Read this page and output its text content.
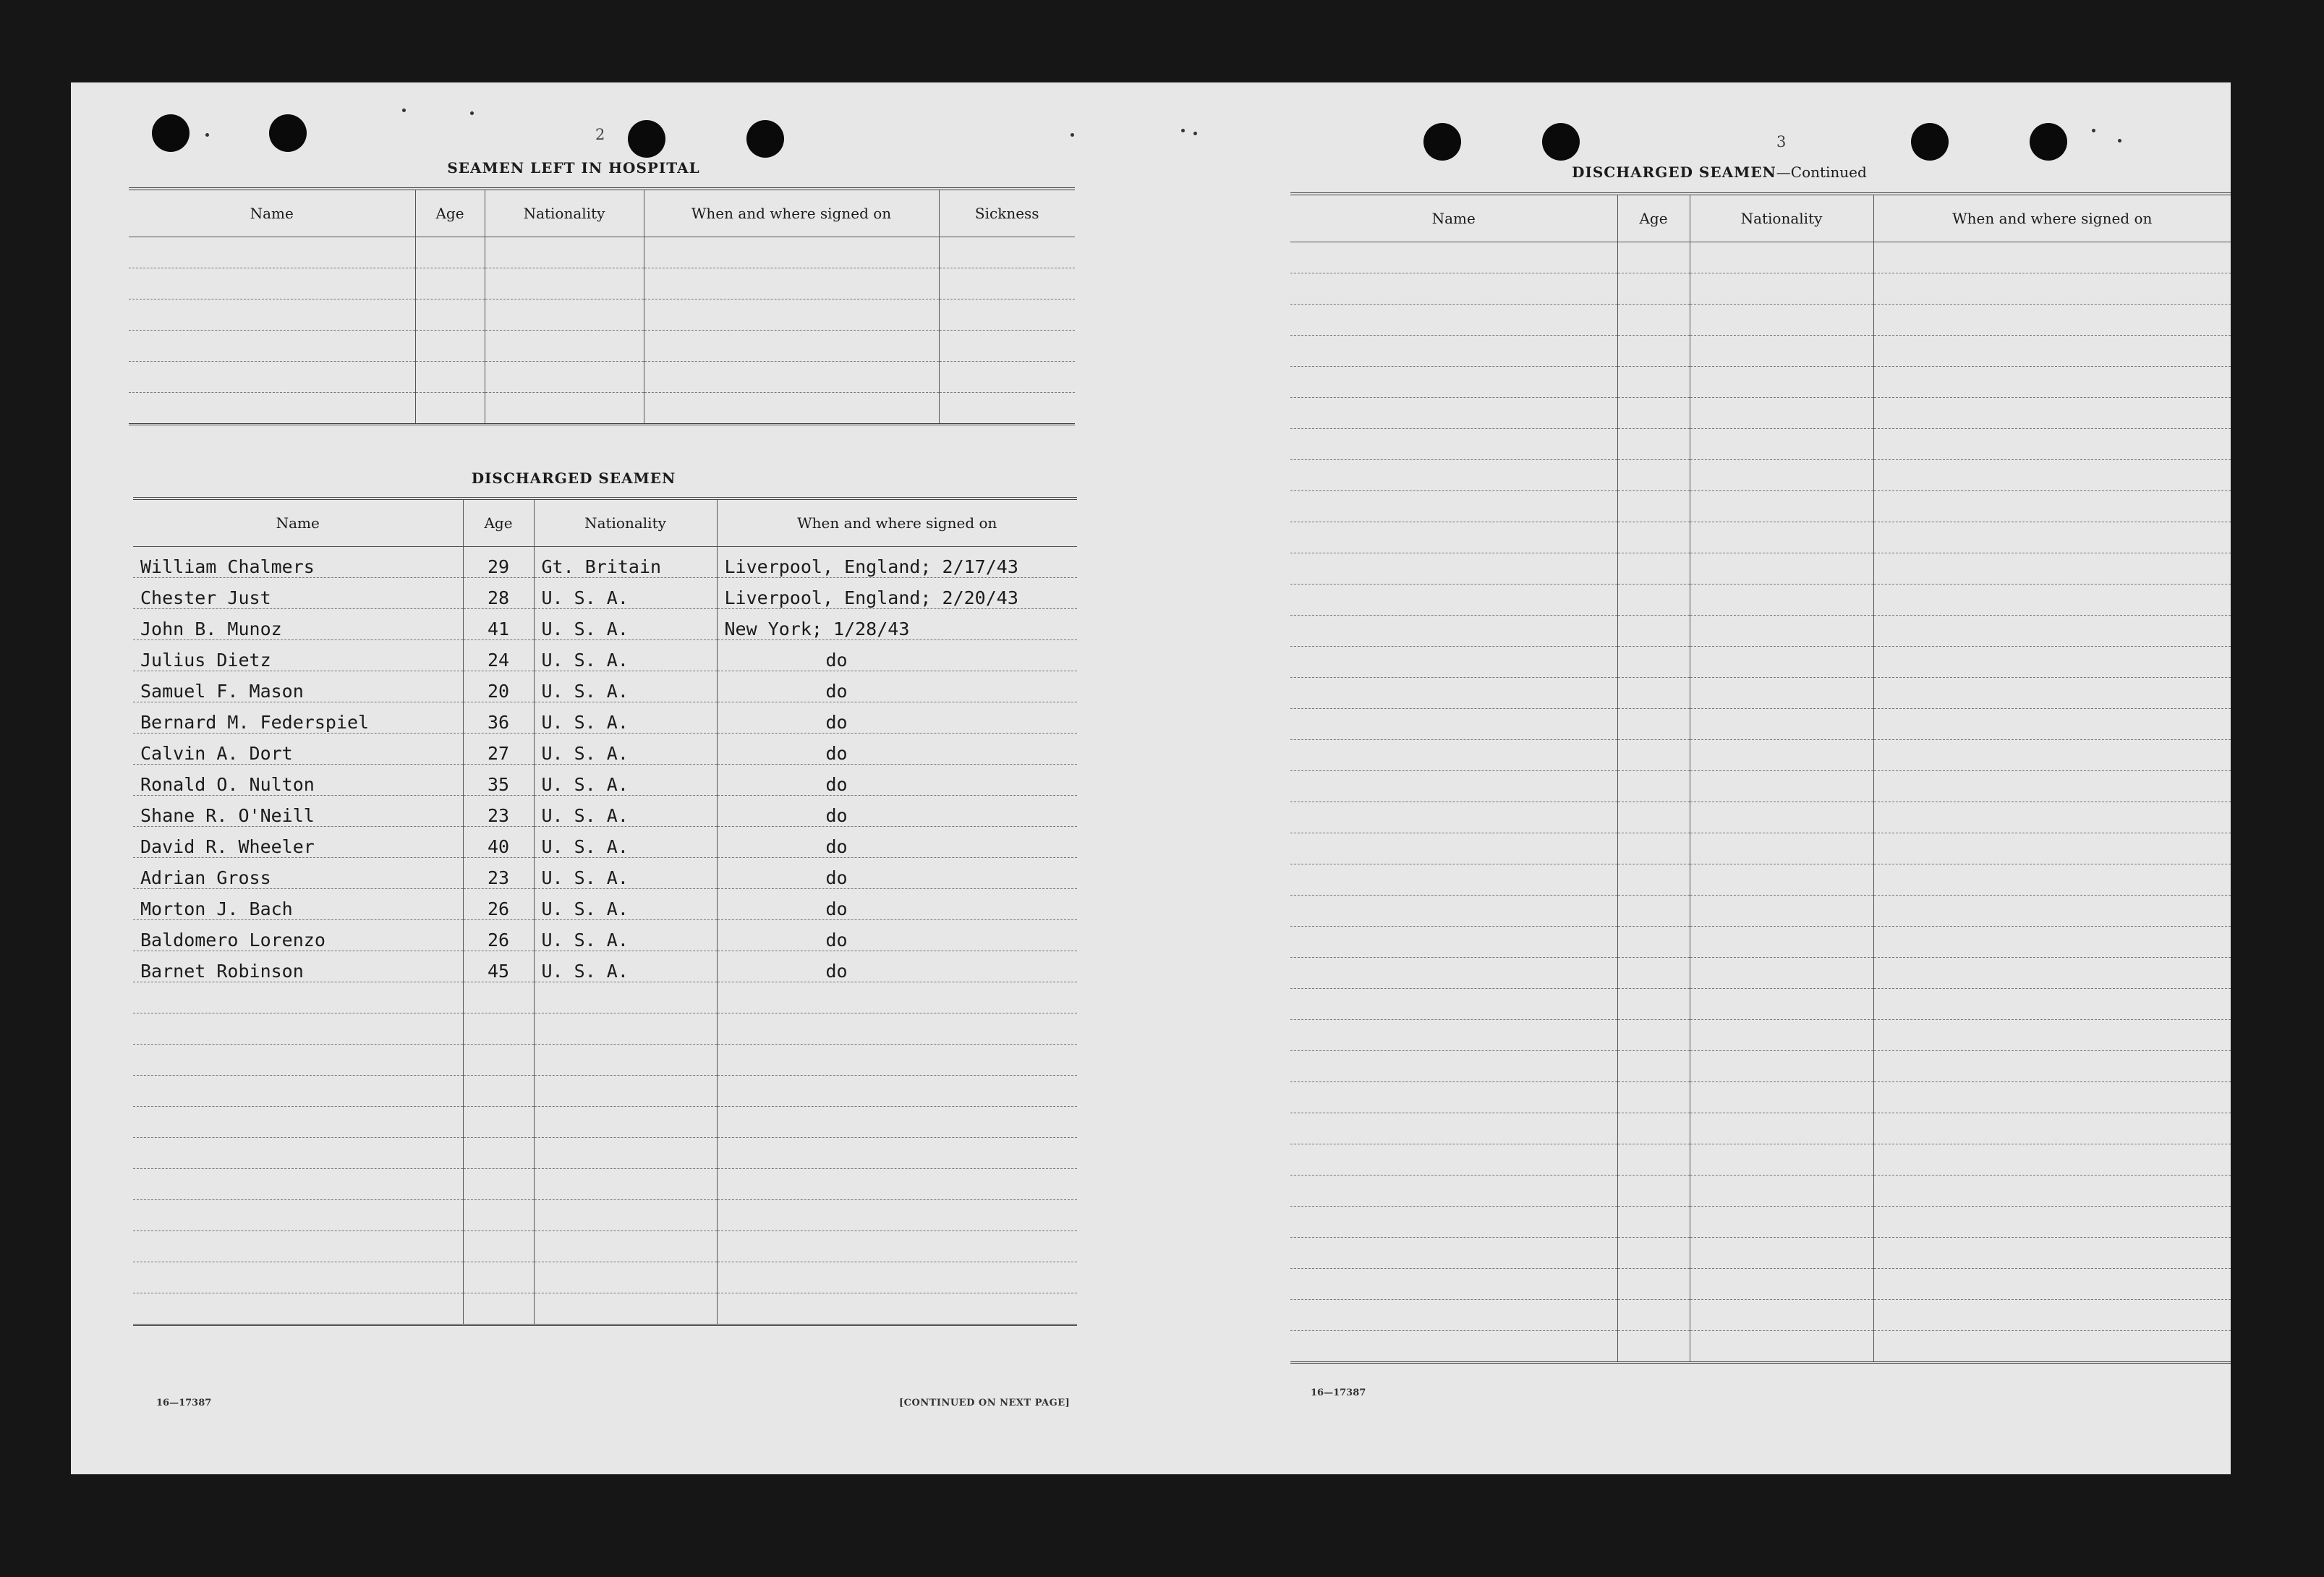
2
SEAMEN LEFT IN HOSPITAL
Name	Age	Nationality	When and where signed on	Sickness

DISCHARGED SEAMEN
Name	Age	Nationality	When and where signed on
William Chalmers	29	Gt. Britain	Liverpool, England; 2/17/43
Chester Just	28	U. S. A.	Liverpool, England; 2/20/43
John B. Munoz	41	U. S. A.	New York; 1/28/43
Julius Dietz	24	U. S. A.	do
Samuel F. Mason	20	U. S. A.	do
Bernard M. Federspiel	36	U. S. A.	do
Calvin A. Dort	27	U. S. A.	do
Ronald O. Nulton	35	U. S. A.	do
Shane R. O'Neill	23	U. S. A.	do
David R. Wheeler	40	U. S. A.	do
Adrian Gross	23	U. S. A.	do
Morton J. Bach	26	U. S. A.	do
Baldomero Lorenzo	26	U. S. A.	do
Barnet Robinson	45	U. S. A.	do

16—17387	[CONTINUED ON NEXT PAGE]
3
DISCHARGED SEAMEN—Continued
Name	Age	Nationality	When and where signed on

16—17387
